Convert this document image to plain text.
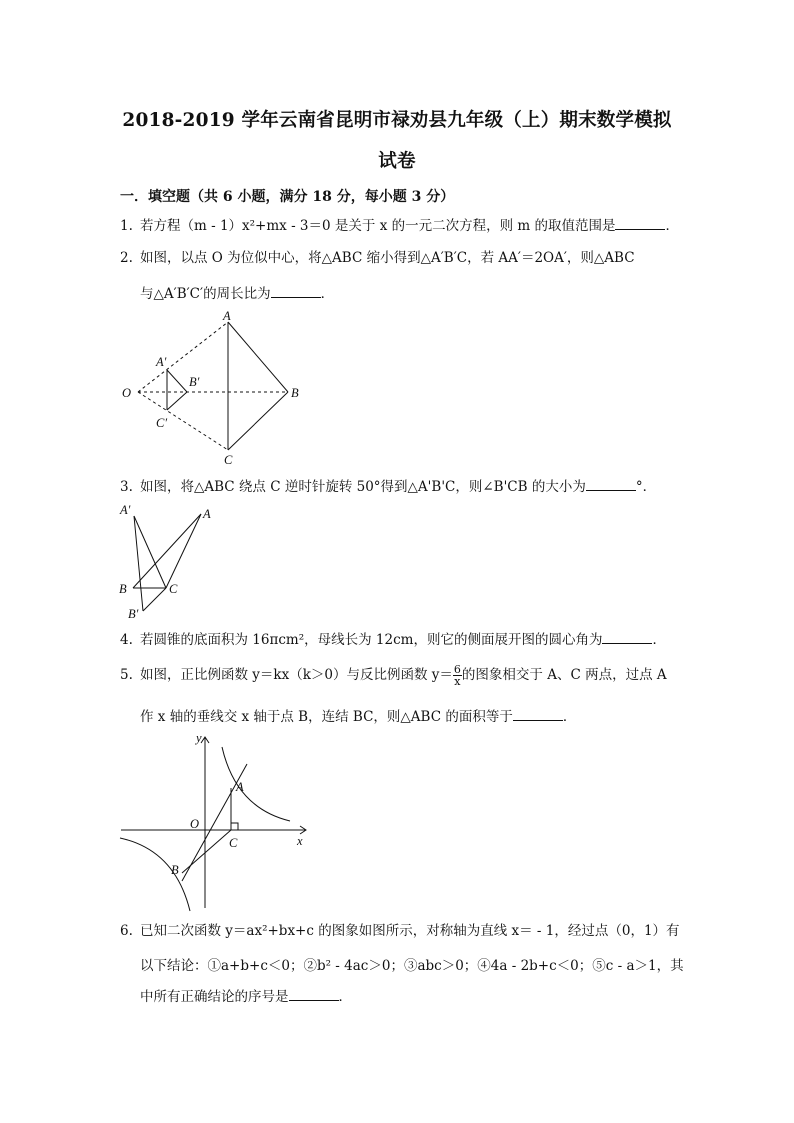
2018-2019 学年云南省昆明市禄劝县九年级（上）期末数学模拟
试卷
一．填空题（共 6 小题，满分 18 分，每小题 3 分）
1. 若方程（m - 1）x²+mx - 3＝0 是关于 x 的一元二次方程，则 m 的取值范围是	．
2. 如图，以点 O 为位似中心，将△ABC 缩小得到△A′B′C，若 AA′＝2OA′，则△ABC
与△A′B′C′的周长比为	．
O
A′
B′
C′
A
B
C
3. 如图，将△ABC 绕点 C 逆时针旋转 50°得到△A'B'C，则∠B'CB 的大小为	°．
A′	A
B	C
B′
4. 若圆锥的底面积为 16πcm²，母线长为 12cm，则它的侧面展开图的圆心角为	．
5. 如图，正比例函数 y＝kx（k＞0）与反比例函数 $y= \frac{6}{x}$ 的图象相交于 A、C 两点，过点 A
作 x 轴的垂线交 x 轴于点 B，连结 BC，则△ABC 的面积等于	．
y
A
O
C	x
B
6. 已知二次函数 y＝ax²+bx+c 的图象如图所示，对称轴为直线 x＝ - 1，经过点（0，1）有
以下结论：①a+b+c＜0；②b² - 4ac＞0；③abc＞0；④4a - 2b+c＜0；⑤c - a＞1，其
中所有正确结论的序号是	．
